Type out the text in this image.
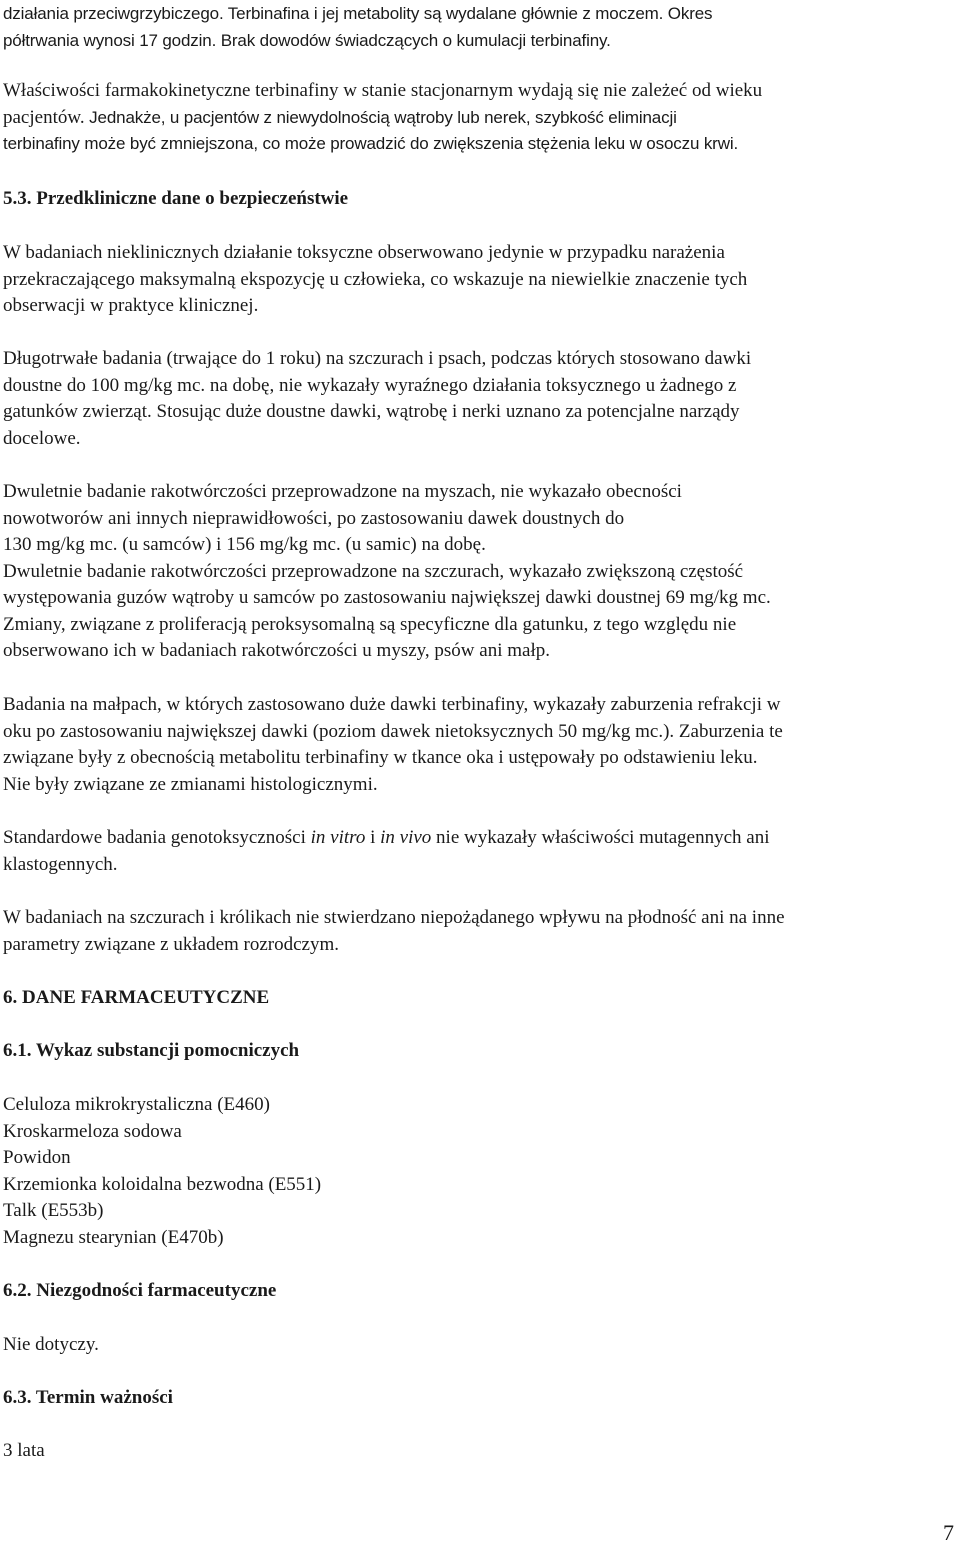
działania przeciwgrzybiczego. Terbinafina i jej metabolity są wydalane głównie z moczem. Okres
półtrwania wynosi 17 godzin. Brak dowodów świadczących o kumulacji terbinafiny.
Właściwości farmakokinetyczne terbinafiny w stanie stacjonarnym wydają się nie zależeć od wieku
pacjentów. Jednakże, u pacjentów z niewydolnością wątroby lub nerek, szybkość eliminacji
terbinafiny może być zmniejszona, co może prowadzić do zwiększenia stężenia leku w osoczu krwi.
5.3. Przedkliniczne dane o bezpieczeństwie
W badaniach nieklinicznych działanie toksyczne obserwowano jedynie w przypadku narażenia
przekraczającego maksymalną ekspozycję u człowieka, co wskazuje na niewielkie znaczenie tych
obserwacji w praktyce klinicznej.
Długotrwałe badania (trwające do 1 roku) na szczurach i psach, podczas których stosowano dawki
doustne do 100 mg/kg mc. na dobę, nie wykazały wyraźnego działania toksycznego u żadnego z
gatunków zwierząt. Stosując duże doustne dawki, wątrobę i nerki uznano za potencjalne narządy
docelowe.
Dwuletnie badanie rakotwórczości przeprowadzone na myszach, nie wykazało obecności
nowotworów ani innych nieprawidłowości, po zastosowaniu dawek doustnych do
130 mg/kg mc. (u samców) i 156 mg/kg mc. (u samic) na dobę.
Dwuletnie badanie rakotwórczości przeprowadzone na szczurach, wykazało zwiększoną częstość
występowania guzów wątroby u samców po zastosowaniu największej dawki doustnej 69 mg/kg mc.
Zmiany, związane z proliferacją peroksysomalną są specyficzne dla gatunku, z tego względu nie
obserwowano ich w badaniach rakotwórczości u myszy, psów ani małp.
Badania na małpach, w których zastosowano duże dawki terbinafiny, wykazały zaburzenia refrakcji w
oku po zastosowaniu największej dawki (poziom dawek nietoksycznych 50 mg/kg mc.). Zaburzenia te
związane były z obecnością metabolitu terbinafiny w tkance oka i ustępowały po odstawieniu leku.
Nie były związane ze zmianami histologicznymi.
Standardowe badania genotoksyczności in vitro i in vivo nie wykazały właściwości mutagennych ani
klastogennych.
W badaniach na szczurach i królikach nie stwierdzano niepożądanego wpływu na płodność ani na inne
parametry związane z układem rozrodczym.
6. DANE FARMACEUTYCZNE
6.1. Wykaz substancji pomocniczych
Celuloza mikrokrystaliczna (E460)
Kroskarmeloza sodowa
Powidon
Krzemionka koloidalna bezwodna (E551)
Talk (E553b)
Magnezu stearynian (E470b)
6.2. Niezgodności farmaceutyczne
Nie dotyczy.
6.3. Termin ważności
3 lata
7
